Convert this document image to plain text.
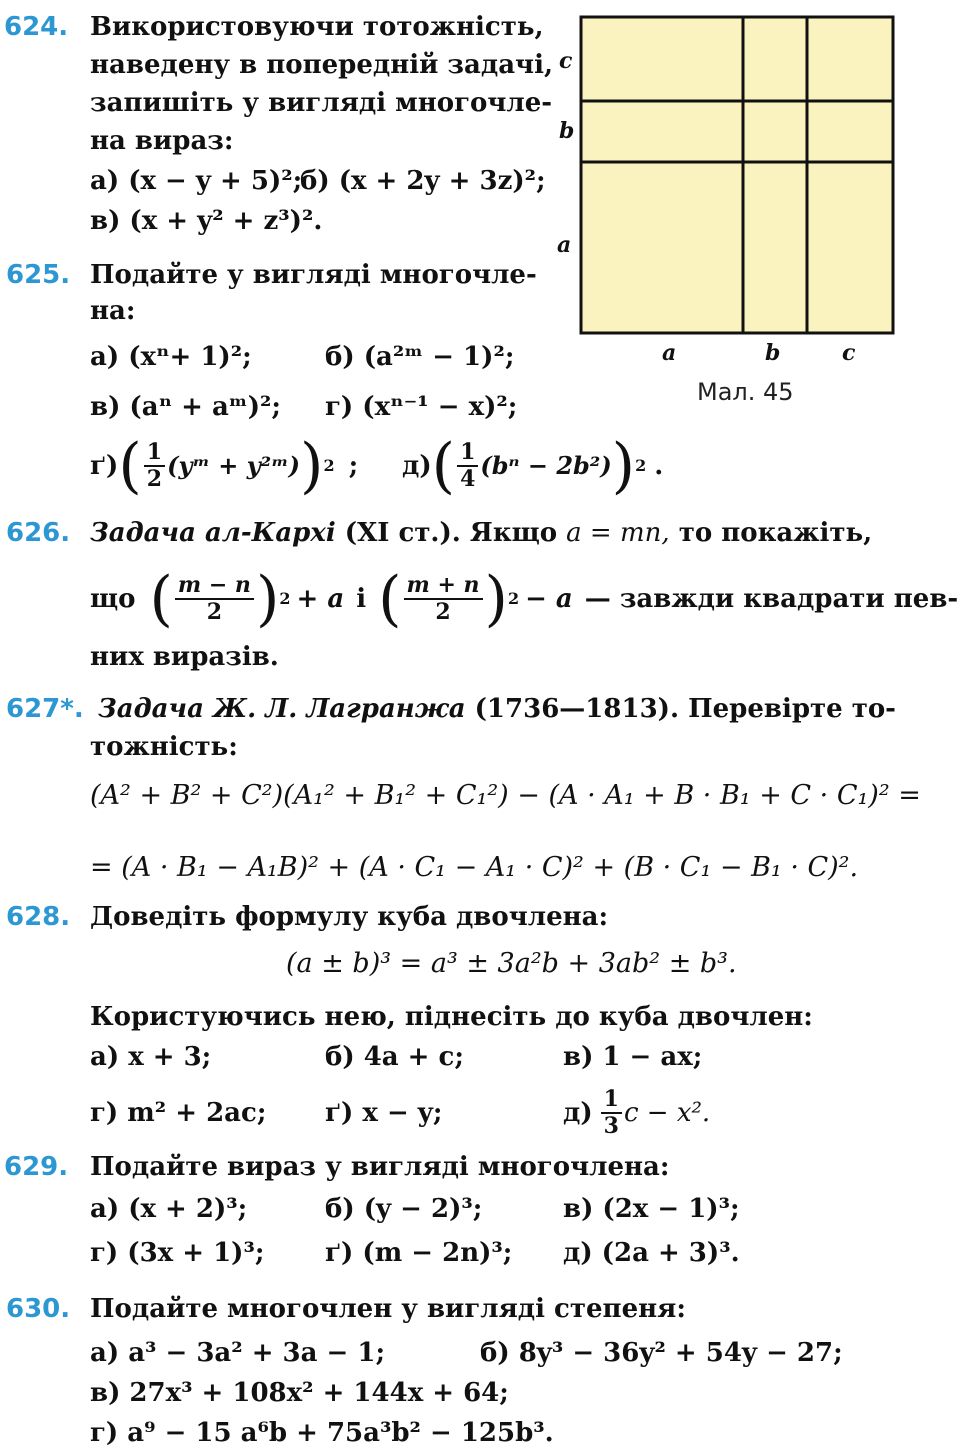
624. Використовуючи тотожність,
наведену в попередній задачі,
запишіть у вигляді многочле-
на вираз:
а) (x − y + 5)²;
б) (x + 2y + 3z)²;
в) (x + y² + z³)².
c
b
a
a	b	c
Мал. 45
625. Подайте у вигляді многочле-
на:
а) (xⁿ+ 1)²;	б) (a²ᵐ − 1)²;
в) (aⁿ + aᵐ)²; г) (xⁿ⁻¹ − x)²;
ґ) ( $\frac{1}{2}$ (yᵐ + y²ᵐ) ) 2 ; д) ( $\frac{1}{4} (b^n - 2b^2)$ ) 2 .
626. Задача ал-Кархі (XI ст.). Якщо a = mn, то покажіть,
що ( $\frac{m - n}{2}$ ) 2 + a і ( $\frac{m + n}{2}$ ) 2 − a — завжди квадрати пев-
них виразів.
627*. Задача Ж. Л. Лагранжа (1736—1813). Перевірте то-
тожність:
(A² + B² + C²)(A₁² + B₁² + C₁²) − (A · A₁ + B · B₁ + C · C₁)² =
= (A · B₁ − A₁B)² + (A · C₁ − A₁ · C)² + (B · C₁ − B₁ · C)².
628. Доведіть формулу куба двочлена:
(a ± b)³ = a³ ± 3a²b + 3ab² ± b³.
Користуючись нею, піднесіть до куба двочлен:
а) x + 3;	б) 4a + c;	в) 1 − ax;
г) m² + 2ac; ґ) x − y;	$д) \frac{1}{3}$ c − x².
629. Подайте вираз у вигляді многочлена:
а) (x + 2)³;	б) (y − 2)³;	в) (2x − 1)³;
г) (3x + 1)³; ґ) (m − 2n)³; д) (2a + 3)³.
630. Подайте многочлен у вигляді степеня:
а) a³ − 3a² + 3a − 1;	б) 8y³ − 36y² + 54y − 27;
в) 27x³ + 108x² + 144x + 64;
г) a⁹ − 15 a⁶b + 75a³b² − 125b³.
